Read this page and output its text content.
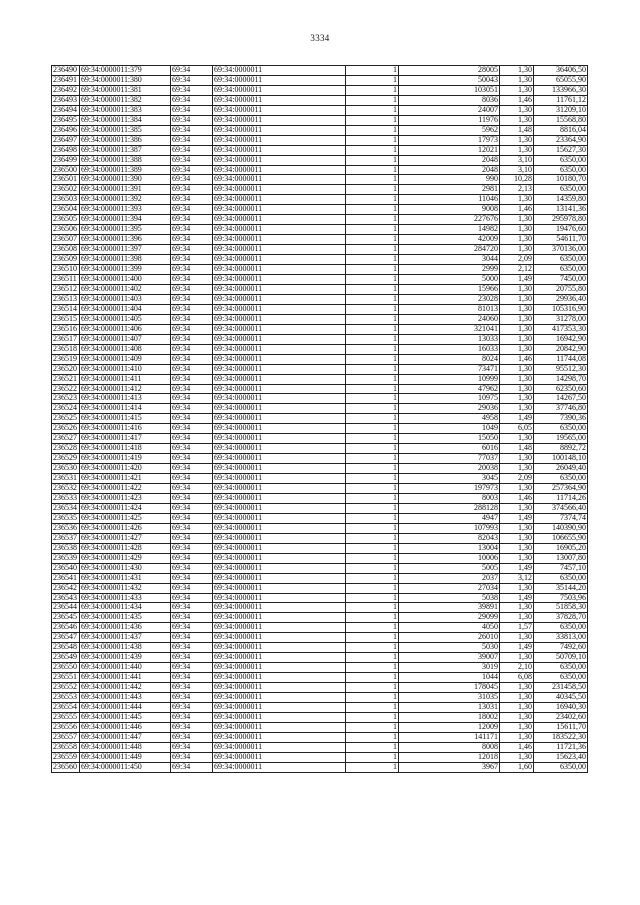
3334
236490	69:34:0000011:379	69:34	69:34:0000011	1	28005	1,30	36406,50
236491	69:34:0000011:380	69:34	69:34:0000011	1	50043	1,30	65055,90
236492	69:34:0000011:381	69:34	69:34:0000011	1	103051	1,30	133966,30
236493	69:34:0000011:382	69:34	69:34:0000011	1	8036	1,46	11761,12
236494	69:34:0000011:383	69:34	69:34:0000011	1	24007	1,30	31209,10
236495	69:34:0000011:384	69:34	69:34:0000011	1	11976	1,30	15568,80
236496	69:34:0000011:385	69:34	69:34:0000011	1	5962	1,48	8816,04
236497	69:34:0000011:386	69:34	69:34:0000011	1	17973	1,30	23364,90
236498	69:34:0000011:387	69:34	69:34:0000011	1	12021	1,30	15627,30
236499	69:34:0000011:388	69:34	69:34:0000011	1	2048	3,10	6350,00
236500	69:34:0000011:389	69:34	69:34:0000011	1	2048	3,10	6350,00
236501	69:34:0000011:390	69:34	69:34:0000011	1	990	10,28	10180,70
236502	69:34:0000011:391	69:34	69:34:0000011	1	2981	2,13	6350,00
236503	69:34:0000011:392	69:34	69:34:0000011	1	11046	1,30	14359,80
236504	69:34:0000011:393	69:34	69:34:0000011	1	9008	1,46	13141,36
236505	69:34:0000011:394	69:34	69:34:0000011	1	227676	1,30	295978,80
236506	69:34:0000011:395	69:34	69:34:0000011	1	14982	1,30	19476,60
236507	69:34:0000011:396	69:34	69:34:0000011	1	42009	1,30	54611,70
236508	69:34:0000011:397	69:34	69:34:0000011	1	284720	1,30	370136,00
236509	69:34:0000011:398	69:34	69:34:0000011	1	3044	2,09	6350,00
236510	69:34:0000011:399	69:34	69:34:0000011	1	2999	2,12	6350,00
236511	69:34:0000011:400	69:34	69:34:0000011	1	5000	1,49	7450,00
236512	69:34:0000011:402	69:34	69:34:0000011	1	15966	1,30	20755,80
236513	69:34:0000011:403	69:34	69:34:0000011	1	23028	1,30	29936,40
236514	69:34:0000011:404	69:34	69:34:0000011	1	81013	1,30	105316,90
236515	69:34:0000011:405	69:34	69:34:0000011	1	24060	1,30	31278,00
236516	69:34:0000011:406	69:34	69:34:0000011	1	321041	1,30	417353,30
236517	69:34:0000011:407	69:34	69:34:0000011	1	13033	1,30	16942,90
236518	69:34:0000011:408	69:34	69:34:0000011	1	16033	1,30	20842,90
236519	69:34:0000011:409	69:34	69:34:0000011	1	8024	1,46	11744,08
236520	69:34:0000011:410	69:34	69:34:0000011	1	73471	1,30	95512,30
236521	69:34:0000011:411	69:34	69:34:0000011	1	10999	1,30	14298,70
236522	69:34:0000011:412	69:34	69:34:0000011	1	47962	1,30	62350,60
236523	69:34:0000011:413	69:34	69:34:0000011	1	10975	1,30	14267,50
236524	69:34:0000011:414	69:34	69:34:0000011	1	29036	1,30	37746,80
236525	69:34:0000011:415	69:34	69:34:0000011	1	4958	1,49	7390,36
236526	69:34:0000011:416	69:34	69:34:0000011	1	1049	6,05	6350,00
236527	69:34:0000011:417	69:34	69:34:0000011	1	15050	1,30	19565,00
236528	69:34:0000011:418	69:34	69:34:0000011	1	6016	1,48	8892,72
236529	69:34:0000011:419	69:34	69:34:0000011	1	77037	1,30	100148,10
236530	69:34:0000011:420	69:34	69:34:0000011	1	20038	1,30	26049,40
236531	69:34:0000011:421	69:34	69:34:0000011	1	3045	2,09	6350,00
236532	69:34:0000011:422	69:34	69:34:0000011	1	197973	1,30	257364,90
236533	69:34:0000011:423	69:34	69:34:0000011	1	8003	1,46	11714,26
236534	69:34:0000011:424	69:34	69:34:0000011	1	288128	1,30	374566,40
236535	69:34:0000011:425	69:34	69:34:0000011	1	4947	1,49	7374,74
236536	69:34:0000011:426	69:34	69:34:0000011	1	107993	1,30	140390,90
236537	69:34:0000011:427	69:34	69:34:0000011	1	82043	1,30	106655,90
236538	69:34:0000011:428	69:34	69:34:0000011	1	13004	1,30	16905,20
236539	69:34:0000011:429	69:34	69:34:0000011	1	10006	1,30	13007,80
236540	69:34:0000011:430	69:34	69:34:0000011	1	5005	1,49	7457,10
236541	69:34:0000011:431	69:34	69:34:0000011	1	2037	3,12	6350,00
236542	69:34:0000011:432	69:34	69:34:0000011	1	27034	1,30	35144,20
236543	69:34:0000011:433	69:34	69:34:0000011	1	5038	1,49	7503,96
236544	69:34:0000011:434	69:34	69:34:0000011	1	39891	1,30	51858,30
236545	69:34:0000011:435	69:34	69:34:0000011	1	29099	1,30	37828,70
236546	69:34:0000011:436	69:34	69:34:0000011	1	4050	1,57	6350,00
236547	69:34:0000011:437	69:34	69:34:0000011	1	26010	1,30	33813,00
236548	69:34:0000011:438	69:34	69:34:0000011	1	5030	1,49	7492,60
236549	69:34:0000011:439	69:34	69:34:0000011	1	39007	1,30	50709,10
236550	69:34:0000011:440	69:34	69:34:0000011	1	3019	2,10	6350,00
236551	69:34:0000011:441	69:34	69:34:0000011	1	1044	6,08	6350,00
236552	69:34:0000011:442	69:34	69:34:0000011	1	178045	1,30	231458,50
236553	69:34:0000011:443	69:34	69:34:0000011	1	31035	1,30	40345,50
236554	69:34:0000011:444	69:34	69:34:0000011	1	13031	1,30	16940,30
236555	69:34:0000011:445	69:34	69:34:0000011	1	18002	1,30	23402,60
236556	69:34:0000011:446	69:34	69:34:0000011	1	12009	1,30	15611,70
236557	69:34:0000011:447	69:34	69:34:0000011	1	141171	1,30	183522,30
236558	69:34:0000011:448	69:34	69:34:0000011	1	8008	1,46	11721,36
236559	69:34:0000011:449	69:34	69:34:0000011	1	12018	1,30	15623,40
236560	69:34:0000011:450	69:34	69:34:0000011	1	3967	1,60	6350,00
